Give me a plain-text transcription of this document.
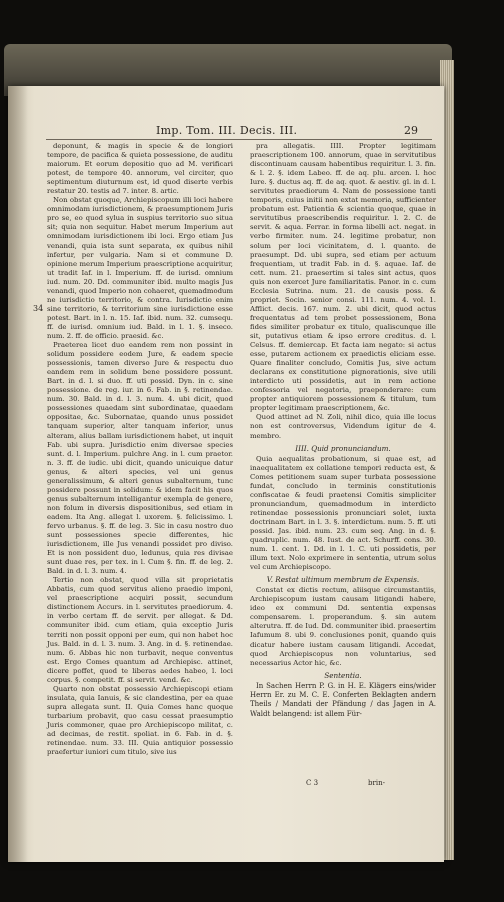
Imp. Tom. III. Decis. III.	29
34

deponunt, & magis in specie & de longiori tempore, de pacifica & quieta possessione, de auditu maiorum. Et eorum depositio quo ad M. verificari potest, de tempore 40. annorum, vel circiter, quo septimentum diuturnum est, id quod diserte verbis restatur 20. testis ad 7. inter. 8. artic.

Non obstat quoque, Archiepiscopum illi loci habere omnimodam iurisdictionem, & praesumptionem Juris pro se, eo quod sylua in suspius territorio suo situa sit; quia non sequitur. Habet merum Imperium aut omnimodam iurisdictionem ibi loci. Ergo etiam Jus venandi, quia ista sunt separata, ex quibus nihil infertur, per vulgaria. Nam si et commune D. opinione merum Imperium praescriptione acquiritur, ut tradit Iaf. in l. Imperium. ff. de iurisd. omnium iud. num. 20. Dd. communiter ibid. multo magis Jus venandi, quod Imperio non cohaeret, quemadmodum ne iurisdictio territorio, & contra. Iurisdictio enim sine territorio, & territorium sine iurisdictione esse potest. Bart. in l. n. 15. Iaf. ibid. num. 32. cumsequ. ff. de iurisd. omnium iud. Bald. in l. 1. §. inseco. num. 2. ff. de officio. praesid. &c.

Praeterea licet duo eandem rem non possint in solidum possidere eodem Jure, & eadem specie possessionis, tamen diverso Jure & respectu duo eandem rem in solidum bene possidere possunt. Bart. in d. l. si duo. ff. uti possid. Dyn. in c. sine possessione. de reg. iur. in 6. Fab. in §. retinendae. num. 30. Bald. in d. l. 3. num. 4. ubi dicit, quod possessiones quaedam sint subordinatae, quaedam oppositae, &c. Subornatae, quando unus possidet tanquam superior, alter tanquam inferior, unus alteram, alius ballam iurisdictionem habet, ut inquit Fab. ubi supra. Jurisdictio enim diversae species sunt. d. l. Imperium. pulchre Ang. in l. cum praetor. n. 3. ff. de iudic. ubi dicit, quando unicuique datur genus, & alteri species, vel uni genus generalissimum, & alteri genus subalternum, tunc possidere possunt in solidum: & idem facit his quos genus subalternum intelligantur exempla de genere, non folum in diversis dispositionibus, sed etiam in eadem. Ita Ang. allegat l. uxorem. §. felicissimo. l. fervo urbanus. §. ff. de leg. 3. Sic in casu nostro duo sunt possessiones specie differentes, hic iurisdictionem, ille Jus venandi possidet pro diviso. Et is non possident duo, ledunus, quia res divisae sunt duae res, per tex. in l. Cum §. fin. ff. de leg. 2. Bald. in d. l. 3. num. 4.

Tertio non obstat, quod villa sit proprietatis Abbatis, cum quod servitus alieno praedio imponi, vel praescriptione acquiri possit, secundum distinctionem Accurs. in l. servitutes praediorum. 4. in verbo certam ff. de servit. per allegat. & Dd. communiter ibid. cum etiam, quia exceptio Juris territi non possit opponi per eum, qui non habet hoc Jus. Bald. in d. l. 3. num. 3. Ang. in d. §. retinendae. num. 6. Abbas hic non turbavit, neque conventus est. Ergo Comes quantum ad Archiepisc. attinet, dicere poffet, quod te liberas aedes habeo, l. loci corpus. §. competit. ff. si servit. vend. &c.

Quarto non obstat possessio Archiepiscopi etiam insulata, quia Ianuis, & sic clandestina, per ea quae supra allegata sunt. II. Quia Comes hanc quoque turbarium probavit, quo casu cessat praesumptio Juris commoner, quae pro Archiepiscopo militat, c. ad decimas, de restit. spoliat. in 6. Fab. in d. §. retinendae. num. 33. III. Quia antiquior possessio praefertur iuniori cum titulo, sive ius

pra allegatis. IIII. Propter legitimam praescriptionem 100. annorum, quae in servitutibus discontinuam causam habentibus requiritur. l. 3. fin. & l. 2. §. idem Labeo. ff. de aq. plu. arcen. l. hoc Iure. §. ductus aq. ff. de aq. quot. & aestiv. gl. in d. l. servitutes praediorum 4. Nam de possessione tanti temporis, cuius initii non extat memoria, sufficienter probatum est. Patientia & scientia quoque, quae in servitutibus praescribendis requiritur. l. 2. C. de servit. & aqua. Ferrar. in forma libelli act. negat. in verbo firmiter. num. 24. legitime probatur, non solum per loci vicinitatem, d. l. quanto. de praesumpt. Dd. ubi supra, sed etiam per actuum frequentiam, ut tradit Fab. in d. §. aquae. Iaf. de cett. num. 21. praesertim si tales sint actus, quos quis non exercet Jure familiaritatis. Panor. in c. cum Ecclesia Sutrina. num. 21. de causis poss. & propriet. Socin. senior consi. 111. num. 4. vol. 1. Afflict. decis. 167. num. 2. ubi dicit, quod actus frequentatus ad tem probet possessionem, Bona fides similiter probatur ex titulo, qualiscunque ille sit, putativus etiam & ipso errore creditus. d. l. Celsus. ff. demiercap. Et facta iam negato: si actus esse, putarem actionem ex praedictis eliciam esse. Quare finaliter concludo, Comitis Jus, sive actum declarans ex constitutione pignorationis, sive utili interdicto uti possidetis, aut in rem actione confessoria vel negatoria, praeponderare: cum propter antiquiorem possessionem & titulum, tum propter legitimam praescriptionem, &c.

Quod attinet ad N. Zoli, nihil dico, quia ille locus non est controversus, Videndum igitur de 4. membro.

IIII. Quid pronunciandum.

Quia aequalitas probationum, si quae est, ad inaequalitatem ex collatione tempori reducta est, & Comes petitionem suam super turbata possessione fundat, concludo in terminis constitutionis confiscatae & feudi praetensi Comitis simpliciter pronunciandum, quemadmodum in interdicto retinendae possessionis pronunciari solet, iuxta doctrinam Bart. in l. 3. §. interdictum. num. 5. ff. uti possid. Jas. ibid. num. 23. cum seq. Ang. in d. §. quadruplic. num. 48. Iust. de act. Schurff. cons. 30. num. 1. cent. 1. Dd. in l. 1. C. uti possidetis, per illum text. Nolo exprimere in sententia, utrum solus vel cum Archiepiscopo.

V. Restat ultimum membrum de Expensis.

Constat ex dictis rectum, aliisque circumstantiis, Archiepiscopum iustam causam litigandi habere, ideo ex communi Dd. sententia expensas compensarem. l. properandum. §. sin autem alterutra. ff. de Iud. Dd. communiter ibid. praesertim Iafumum 8. ubi 9. conclusiones ponit, quando quis dicatur habere iustam causam litigandi. Accedat, quod Archiepiscopus non voluntarius, sed necessarius Actor hic, &c.

Sententia.

In Sachen Herrn P. G. in H. E. Klägers eins/wider Herrn Er. zu M. C. E. Conferten Beklagten andern Theils / Mandati der Pfändung / das Jagen in A. Waldt belangend: ist allem Für-

C 3	brin-
